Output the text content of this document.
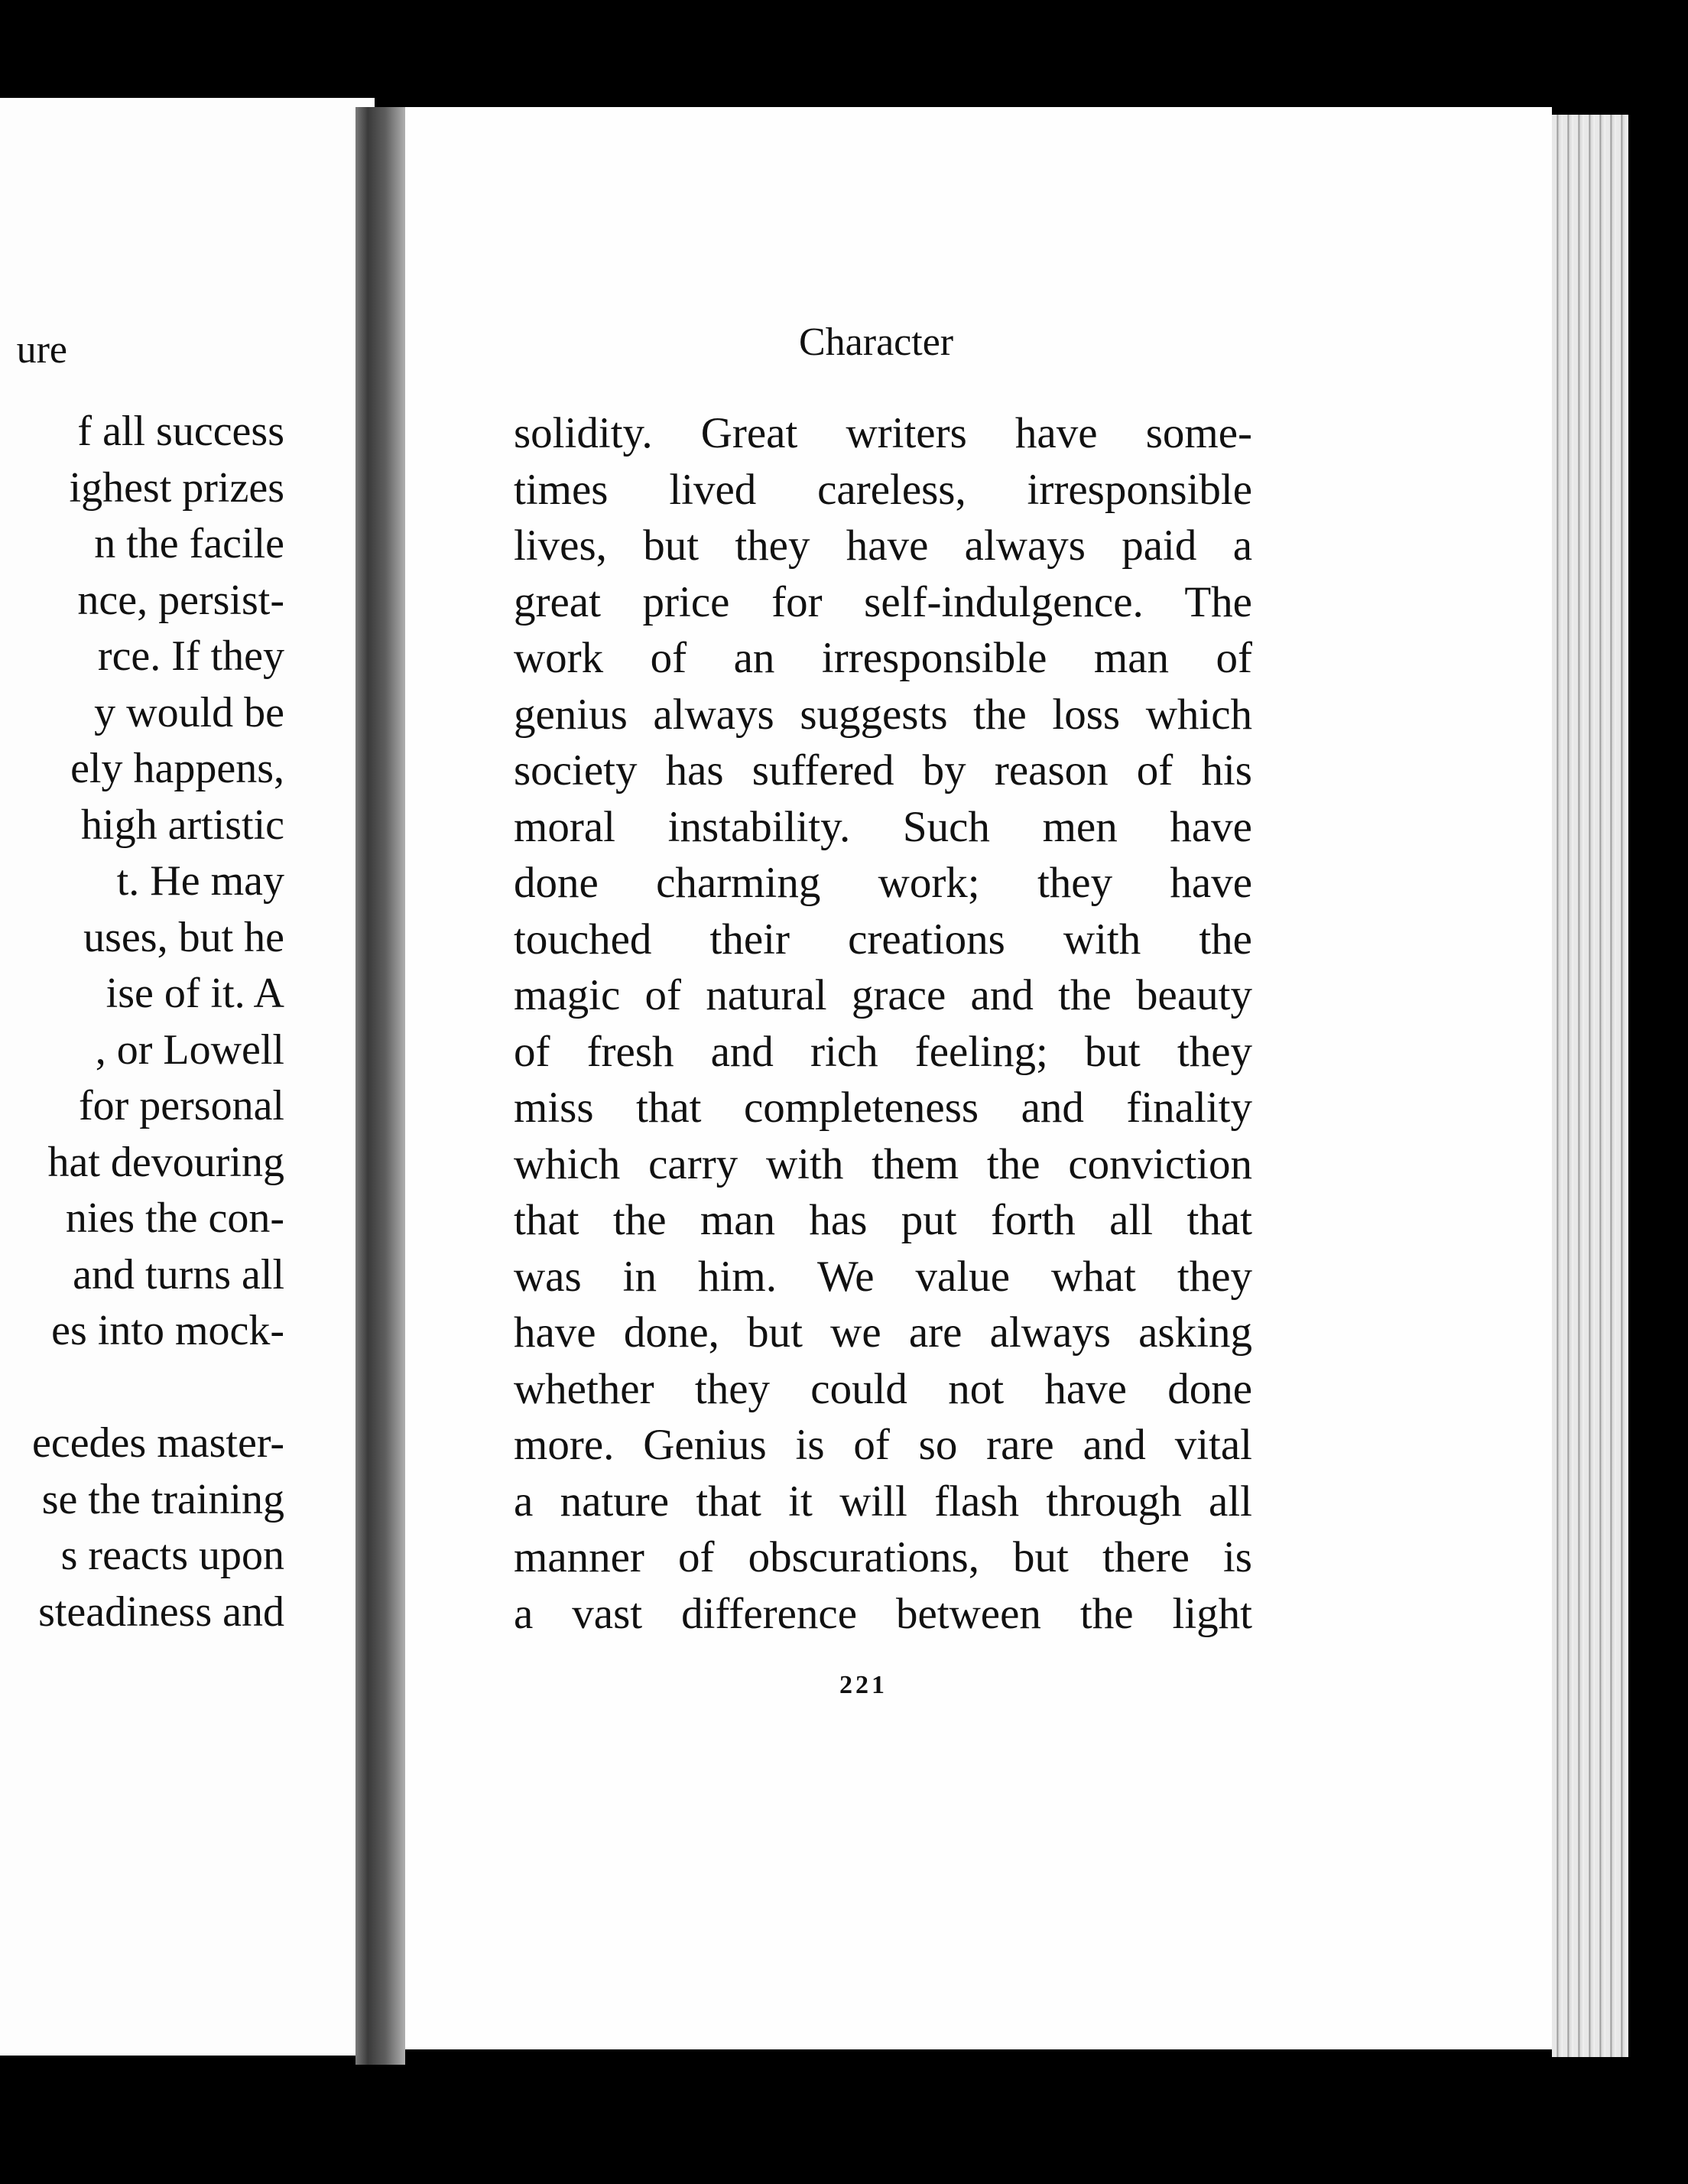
ure
f all success
ighest prizes
n the facile
nce, persist-
rce. If they
y would be
ely happens,
high artistic
t. He may
uses, but he
ise of it. A
, or Lowell
for personal
hat devouring
nies the con-
and turns all
es into mock-
ecedes master-
se the training
s reacts upon
steadiness and
Character
solidity. Great writers have some-
times lived careless, irresponsible
lives, but they have always paid a
great price for self-indulgence. The
work of an irresponsible man of
genius always suggests the loss which
society has suffered by reason of his
moral instability. Such men have
done charming work; they have
touched their creations with the
magic of natural grace and the beauty
of fresh and rich feeling; but they
miss that completeness and finality
which carry with them the conviction
that the man has put forth all that
was in him. We value what they
have done, but we are always asking
whether they could not have done
more. Genius is of so rare and vital
a nature that it will flash through all
manner of obscurations, but there is
a vast difference between the light
221
